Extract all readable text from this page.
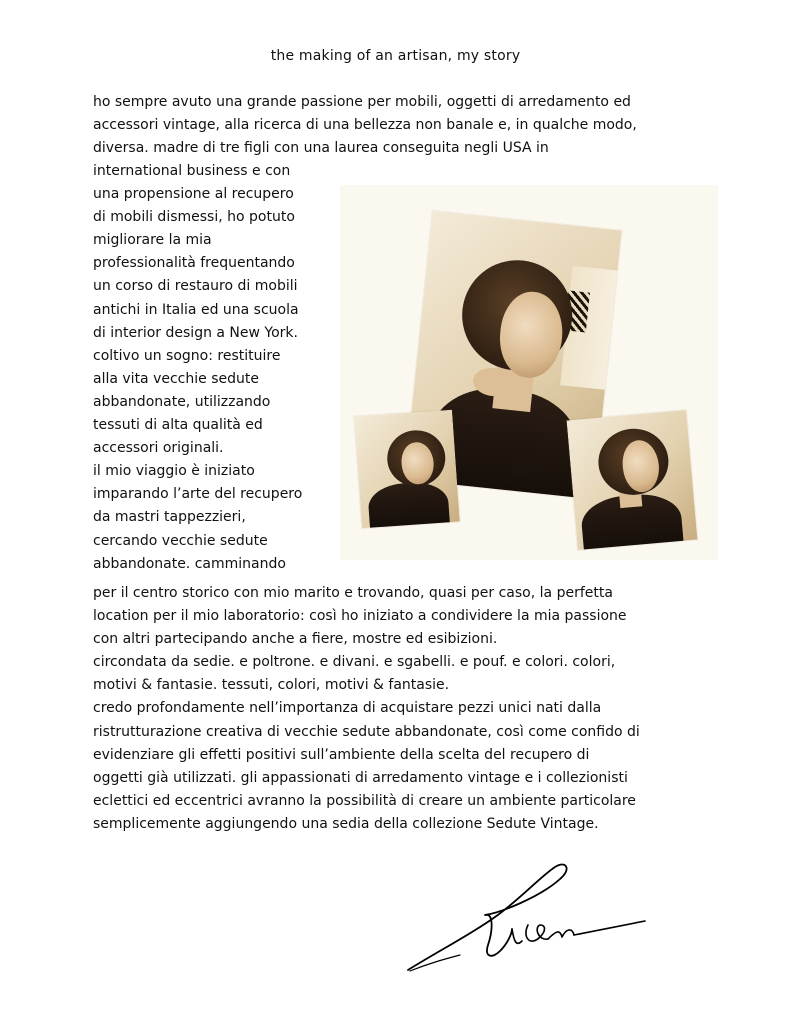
the making of an artisan, my story

ho sempre avuto una grande passione per mobili, oggetti di arredamento ed
accessori vintage, alla ricerca di una bellezza non banale e, in qualche modo,
diversa. madre di tre figli con una laurea conseguita negli USA in

international business e con
una propensione al recupero
di mobili dismessi, ho potuto
migliorare la mia
professionalità frequentando
un corso di restauro di mobili
antichi in Italia ed una scuola
di interior design a New York.
coltivo un sogno: restituire
alla vita vecchie sedute
abbandonate, utilizzando
tessuti di alta qualità ed
accessori originali.
il mio viaggio è iniziato
imparando l’arte del recupero
da mastri tappezzieri,
cercando vecchie sedute
abbandonate. camminando

per il centro storico con mio marito e trovando, quasi per caso, la perfetta
location per il mio laboratorio: così ho iniziato a condividere la mia passione
con altri partecipando anche a fiere, mostre ed esibizioni.
circondata da sedie. e poltrone. e divani. e sgabelli. e pouf. e colori. colori,
motivi & fantasie. tessuti, colori, motivi & fantasie.
credo profondamente nell’importanza di acquistare pezzi unici nati dalla
ristrutturazione creativa di vecchie sedute abbandonate, così come confido di
evidenziare gli effetti positivi sull’ambiente della scelta del recupero di
oggetti già utilizzati. gli appassionati di arredamento vintage e i collezionisti
eclettici ed eccentrici avranno la possibilità di creare un ambiente particolare
semplicemente aggiungendo una sedia della collezione Sedute Vintage.
